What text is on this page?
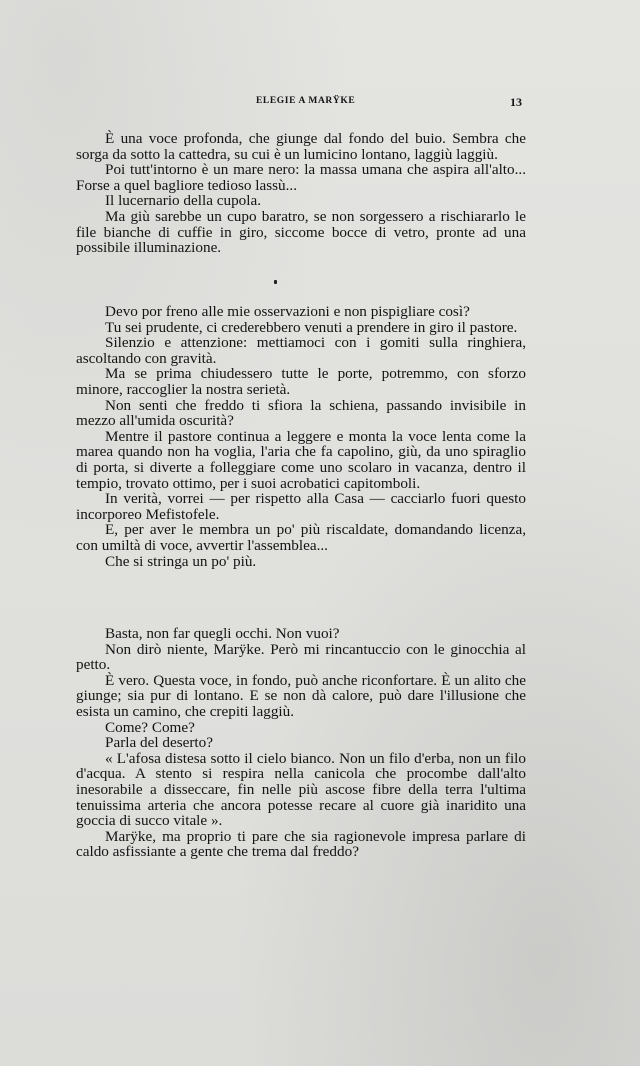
ELEGIE A MARŸKE	13

È una voce profonda, che giunge dal fondo del buio. Sembra che sorga da sotto la cattedra, su cui è un lumicino lontano, laggiù laggiù.

Poi tutt'intorno è un mare nero: la massa umana che aspira all'alto... Forse a quel bagliore tedioso lassù...

Il lucernario della cupola.

Ma giù sarebbe un cupo baratro, se non sorgessero a rischiararlo le file bianche di cuffie in giro, siccome bocce di vetro, pronte ad una possibile illuminazione.

Devo por freno alle mie osservazioni e non pispigliare così?

Tu sei prudente, ci crederebbero venuti a prendere in giro il pastore.

Silenzio e attenzione: mettiamoci con i gomiti sulla ringhiera, ascoltando con gravità.

Ma se prima chiudessero tutte le porte, potremmo, con sforzo minore, raccoglier la nostra serietà.

Non senti che freddo ti sfiora la schiena, passando invisibile in mezzo all'umida oscurità?

Mentre il pastore continua a leggere e monta la voce lenta come la marea quando non ha voglia, l'aria che fa capolino, giù, da uno spiraglio di porta, si diverte a folleggiare come uno scolaro in vacanza, dentro il tempio, trovato ottimo, per i suoi acrobatici capitomboli.

In verità, vorrei — per rispetto alla Casa — cacciarlo fuori questo incorporeo Mefistofele.

E, per aver le membra un po' più riscaldate, domandando licenza, con umiltà di voce, avvertir l'assemblea...

Che si stringa un po' più.

Basta, non far quegli occhi. Non vuoi?

Non dirò niente, Marÿke. Però mi rincantuccio con le ginocchia al petto.

È vero. Questa voce, in fondo, può anche riconfortare. È un alito che giunge; sia pur di lontano. E se non dà calore, può dare l'illusione che esista un camino, che crepiti laggiù.

Come? Come?

Parla del deserto?

« L'afosa distesa sotto il cielo bianco. Non un filo d'erba, non un filo d'acqua. A stento si respira nella canicola che procombe dall'alto inesorabile a disseccare, fin nelle più ascose fibre della terra l'ultima tenuissima arteria che ancora potesse recare al cuore già inaridito una goccia di succo vitale ».

Marÿke, ma proprio ti pare che sia ragionevole impresa parlare di caldo asfissiante a gente che trema dal freddo?
